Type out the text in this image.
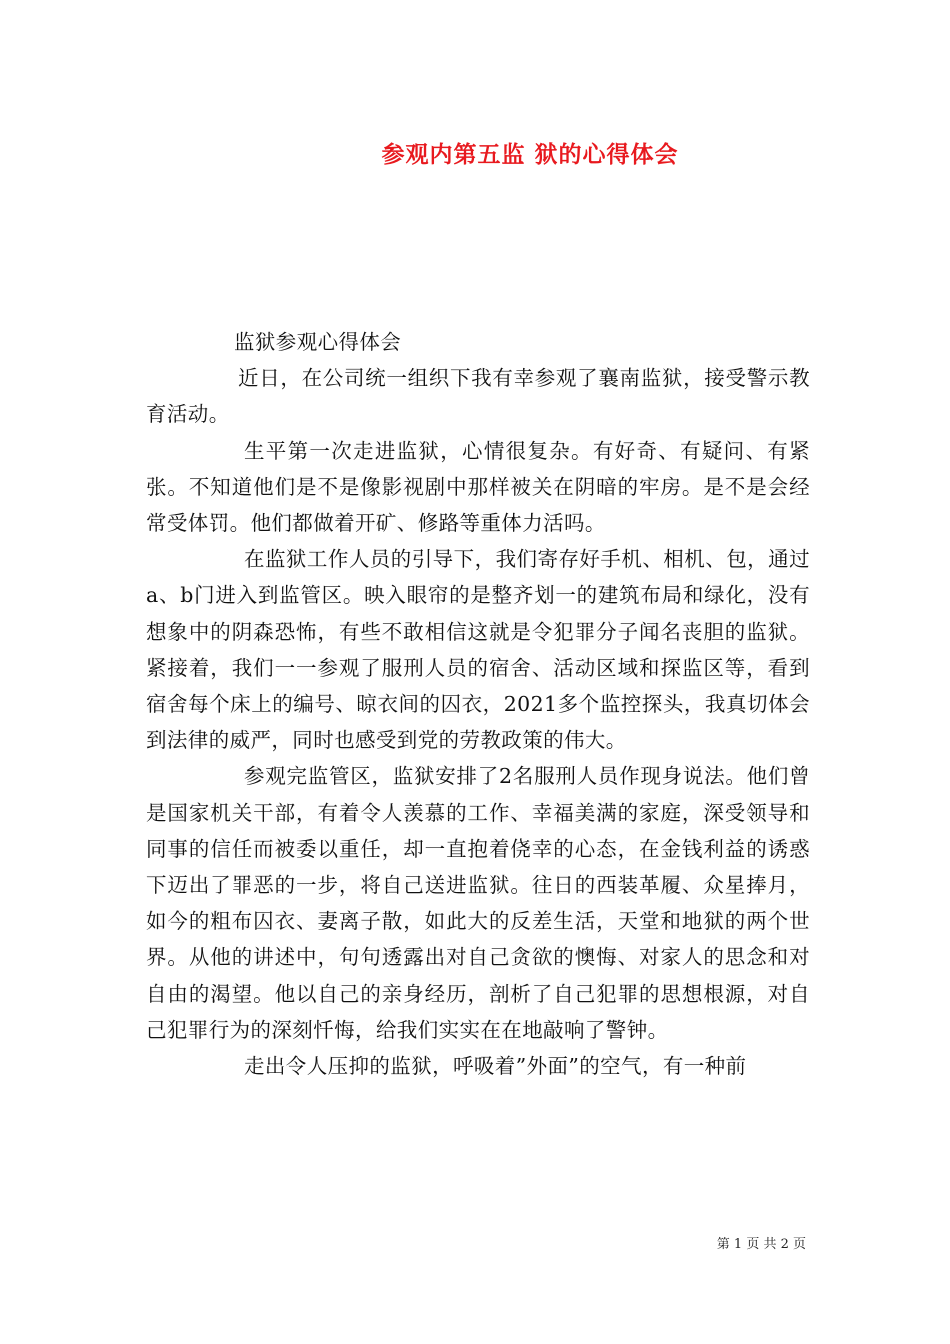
参观内第五监 狱的心得体会

监狱参观心得体会

近日，在公司统一组织下我有幸参观了襄南监狱，接受警示教育活动。

生平第一次走进监狱，心情很复杂。有好奇、有疑问、有紧张。不知道他们是不是像影视剧中那样被关在阴暗的牢房。是不是会经常受体罚。他们都做着开矿、修路等重体力活吗。

在监狱工作人员的引导下，我们寄存好手机、相机、包，通过a、b门进入到监管区。映入眼帘的是整齐划一的建筑布局和绿化，没有想象中的阴森恐怖，有些不敢相信这就是令犯罪分子闻名丧胆的监狱。紧接着，我们一一参观了服刑人员的宿舍、活动区域和探监区等，看到宿舍每个床上的编号、晾衣间的囚衣，2021多个监控探头，我真切体会到法律的威严，同时也感受到党的劳教政策的伟大。

参观完监管区，监狱安排了2名服刑人员作现身说法。他们曾是国家机关干部，有着令人羡慕的工作、幸福美满的家庭，深受领导和同事的信任而被委以重任，却一直抱着侥幸的心态，在金钱利益的诱惑下迈出了罪恶的一步，将自己送进监狱。往日的西装革履、众星捧月，如今的粗布囚衣、妻离子散，如此大的反差生活，天堂和地狱的两个世界。从他的讲述中，句句透露出对自己贪欲的懊悔、对家人的思念和对自由的渴望。他以自己的亲身经历，剖析了自己犯罪的思想根源，对自己犯罪行为的深刻忏悔，给我们实实在在地敲响了警钟。

走出令人压抑的监狱，呼吸着”外面”的空气，有一种前

第 1 页 共 2 页
